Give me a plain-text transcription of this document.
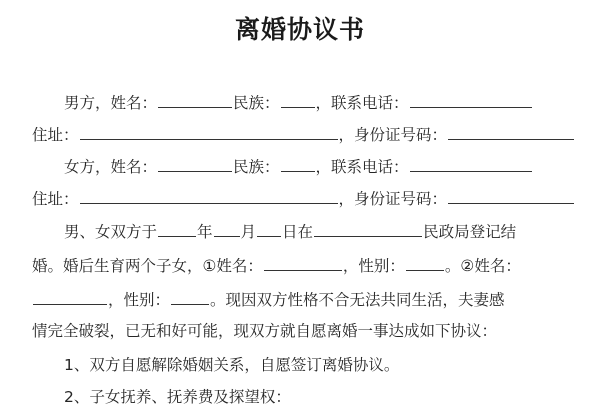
离婚协议书
男方，姓名：	民族： ，联系电话：
住址：	，身份证号码：
女方，姓名：	民族： ，联系电话：
住址：	，身份证号码：
男、女双方于	年 月 日在	民政局登记结
婚。婚后生育两个子女，①姓名：	，性别：	。②姓名：
，性别：	。现因双方性格不合无法共同生活，夫妻感
情完全破裂，已无和好可能，现双方就自愿离婚一事达成如下协议：
1、双方自愿解除婚姻关系，自愿签订离婚协议。
2、子女抚养、抚养费及探望权：
